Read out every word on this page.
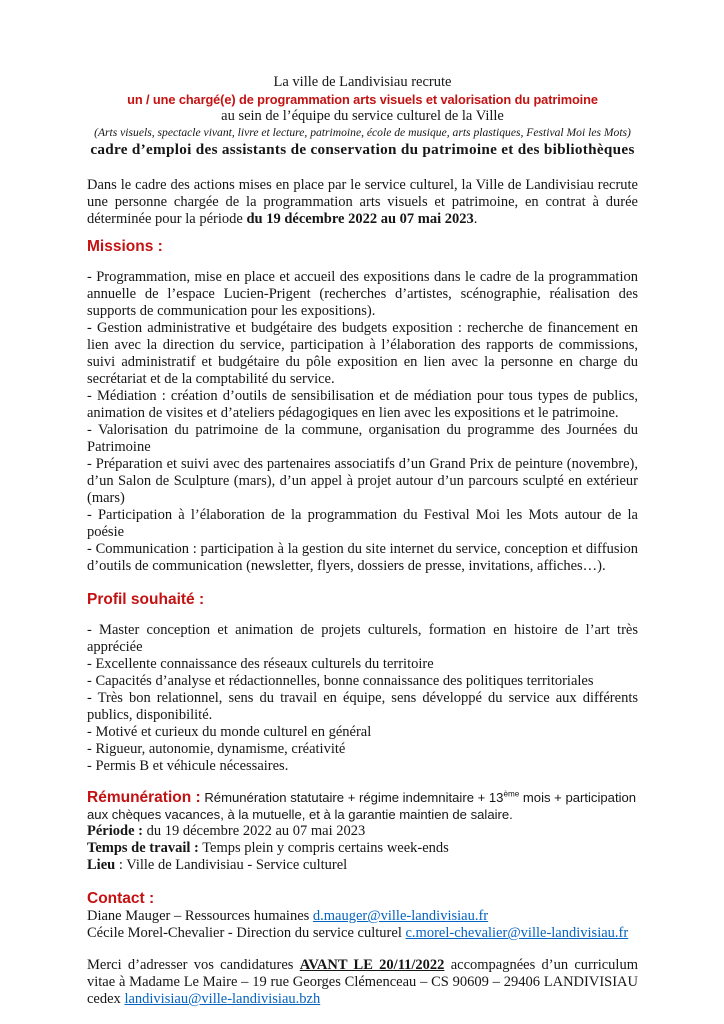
La ville de Landivisiau recrute

un / une chargé(e) de programmation arts visuels et valorisation du patrimoine

au sein de l’équipe du service culturel de la Ville

(Arts visuels, spectacle vivant, livre et lecture, patrimoine, école de musique, arts plastiques, Festival Moi les Mots)

cadre d’emploi des assistants de conservation du patrimoine et des bibliothèques

Dans le cadre des actions mises en place par le service culturel, la Ville de Landivisiau recrute une personne chargée de la programmation arts visuels et patrimoine, en contrat à durée déterminée pour la période du 19 décembre 2022 au 07 mai 2023.

Missions :

- Programmation, mise en place et accueil des expositions dans le cadre de la programmation annuelle de l’espace Lucien-Prigent (recherches d’artistes, scénographie, réalisation des supports de communication pour les expositions).

- Gestion administrative et budgétaire des budgets exposition : recherche de financement en lien avec la direction du service, participation à l’élaboration des rapports de commissions, suivi administratif et budgétaire du pôle exposition en lien avec la personne en charge du secrétariat et de la comptabilité du service.

- Médiation : création d’outils de sensibilisation et de médiation pour tous types de publics, animation de visites et d’ateliers pédagogiques en lien avec les expositions et le patrimoine.

- Valorisation du patrimoine de la commune, organisation du programme des Journées du Patrimoine

- Préparation et suivi avec des partenaires associatifs d’un Grand Prix de peinture (novembre), d’un Salon de Sculpture (mars), d’un appel à projet autour d’un parcours sculpté en extérieur (mars)

- Participation à l’élaboration de la programmation du Festival Moi les Mots autour de la poésie

- Communication : participation à la gestion du site internet du service, conception et diffusion d’outils de communication (newsletter, flyers, dossiers de presse, invitations, affiches…).

Profil souhaité :

- Master conception et animation de projets culturels, formation en histoire de l’art très appréciée

- Excellente connaissance des réseaux culturels du territoire

- Capacités d’analyse et rédactionnelles, bonne connaissance des politiques territoriales

- Très bon relationnel, sens du travail en équipe, sens développé du service aux différents publics, disponibilité.

- Motivé et curieux du monde culturel en général

- Rigueur, autonomie, dynamisme, créativité

- Permis B et véhicule nécessaires.

Rémunération : Rémunération statutaire + régime indemnitaire + 13ème mois + participation aux chèques vacances, à la mutuelle, et à la garantie maintien de salaire.

Période : du 19 décembre 2022 au 07 mai 2023

Temps de travail : Temps plein y compris certains week-ends

Lieu : Ville de Landivisiau - Service culturel

Contact :

Diane Mauger – Ressources humaines d.mauger@ville-landivisiau.fr

Cécile Morel-Chevalier - Direction du service culturel c.morel-chevalier@ville-landivisiau.fr

Merci d’adresser vos candidatures AVANT LE 20/11/2022 accompagnées d’un curriculum vitae à Madame Le Maire – 19 rue Georges Clémenceau – CS 90609 – 29406 LANDIVISIAU cedex landivisiau@ville-landivisiau.bzh
